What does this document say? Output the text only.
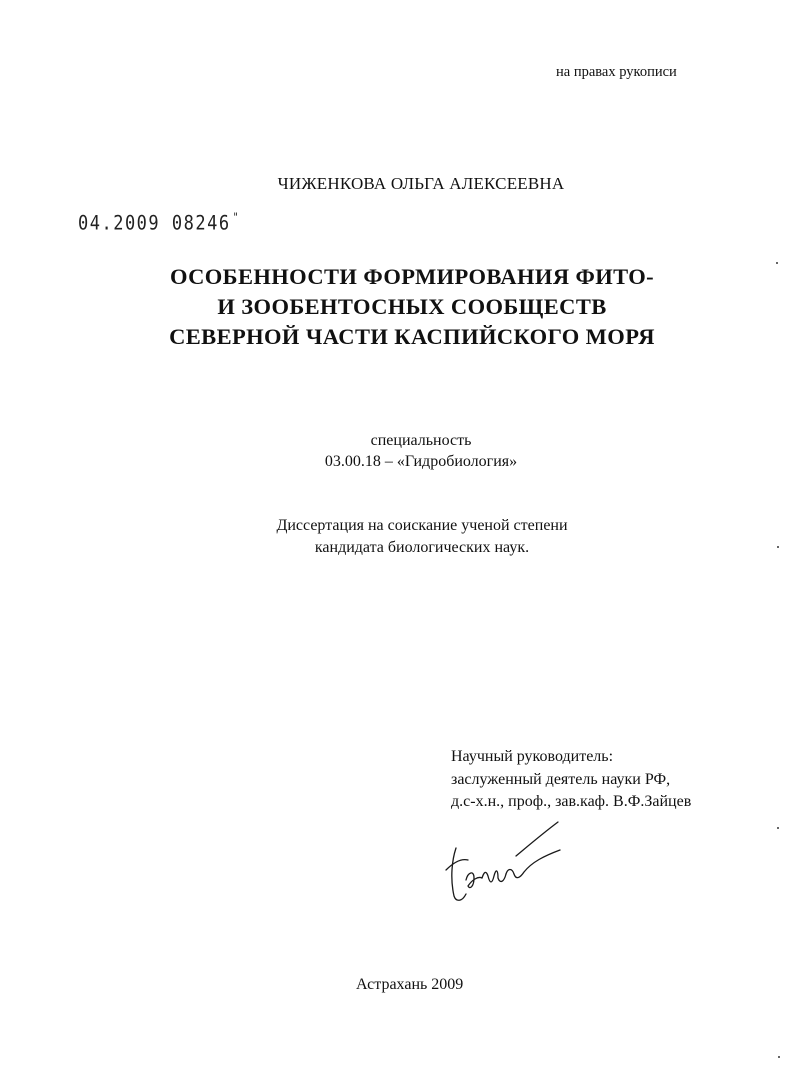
на правах рукописи
ЧИЖЕНКОВА ОЛЬГА АЛЕКСЕЕВНА
04.2009 08246 "
ОСОБЕННОСТИ ФОРМИРОВАНИЯ ФИТО-
И ЗООБЕНТОСНЫХ СООБЩЕСТВ
СЕВЕРНОЙ ЧАСТИ КАСПИЙСКОГО МОРЯ
специальность
03.00.18 – «Гидробиология»
Диссертация на соискание ученой степени
кандидата биологических наук.
Научный руководитель:
заслуженный деятель науки РФ,
д.с-х.н., проф., зав.каф. В.Ф.Зайцев
Астрахань 2009
